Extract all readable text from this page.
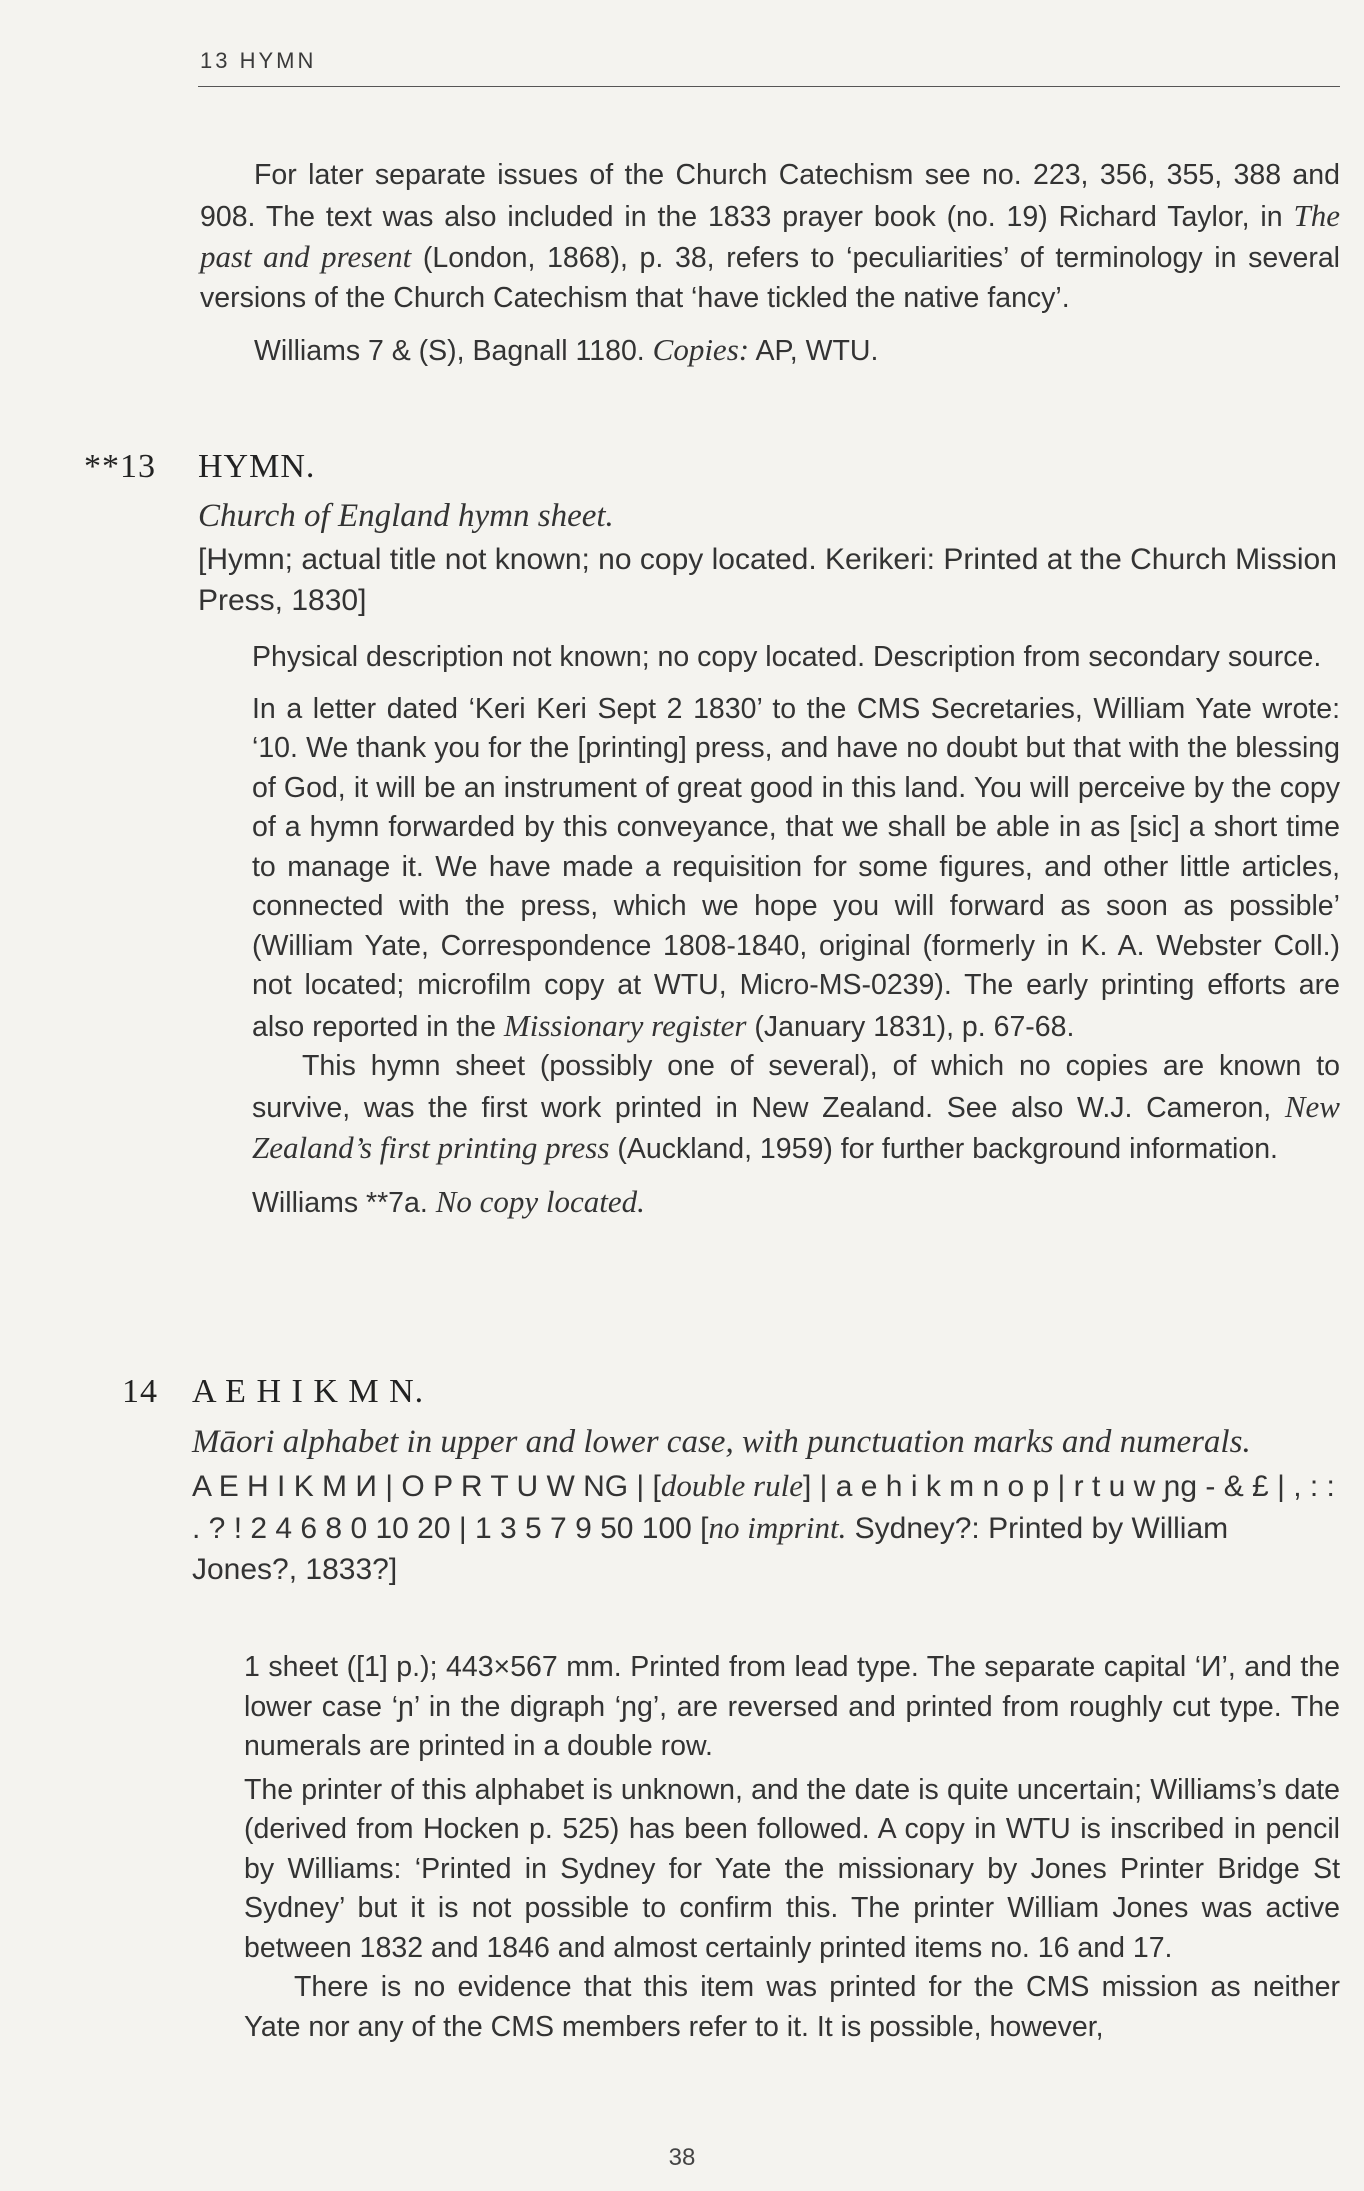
13 HYMN

For later separate issues of the Church Catechism see no. 223, 356, 355, 388 and 908. The text was also included in the 1833 prayer book (no. 19) Richard Taylor, in The past and present (London, 1868), p. 38, refers to ‘peculiarities’ of terminology in several versions of the Church Catechism that ‘have tickled the native fancy’.

Williams 7 & (S), Bagnall 1180. Copies: AP, WTU.

**13 HYMN.

Church of England hymn sheet.

[Hymn; actual title not known; no copy located. Kerikeri: Printed at the Church Mission Press, 1830]

Physical description not known; no copy located. Description from secondary source.

In a letter dated ‘Keri Keri Sept 2 1830’ to the CMS Secretaries, William Yate wrote: ‘10. We thank you for the [printing] press, and have no doubt but that with the blessing of God, it will be an instrument of great good in this land. You will perceive by the copy of a hymn forwarded by this conveyance, that we shall be able in as [sic] a short time to manage it. We have made a requisition for some figures, and other little articles, connected with the press, which we hope you will forward as soon as possible’ (William Yate, Correspondence 1808-1840, original (formerly in K. A. Webster Coll.) not located; microfilm copy at WTU, Micro-MS-0239). The early printing efforts are also reported in the Missionary register (January 1831), p. 67-68.

This hymn sheet (possibly one of several), of which no copies are known to survive, was the first work printed in New Zealand. See also W.J. Cameron, New Zealand’s first printing press (Auckland, 1959) for further background information.

Williams **7a. No copy located.

14 A E H I K M N.

Māori alphabet in upper and lower case, with punctuation marks and numerals.

A E H I K M И | O P R T U W NG | [double rule] | a e h i k m n o p | r t u w ɲg - & £ | , : : . ? ! 2 4 6 8 0 10 20 | 1 3 5 7 9 50 100 [no imprint. Sydney?: Printed by William Jones?, 1833?]

1 sheet ([1] p.); 443×567 mm. Printed from lead type. The separate capital ‘И’, and the lower case ‘ɲ’ in the digraph ‘ɲg’, are reversed and printed from roughly cut type. The numerals are printed in a double row.

The printer of this alphabet is unknown, and the date is quite uncertain; Williams’s date (derived from Hocken p. 525) has been followed. A copy in WTU is inscribed in pencil by Williams: ‘Printed in Sydney for Yate the missionary by Jones Printer Bridge St Sydney’ but it is not possible to confirm this. The printer William Jones was active between 1832 and 1846 and almost certainly printed items no. 16 and 17.

There is no evidence that this item was printed for the CMS mission as neither Yate nor any of the CMS members refer to it. It is possible, however,

38
